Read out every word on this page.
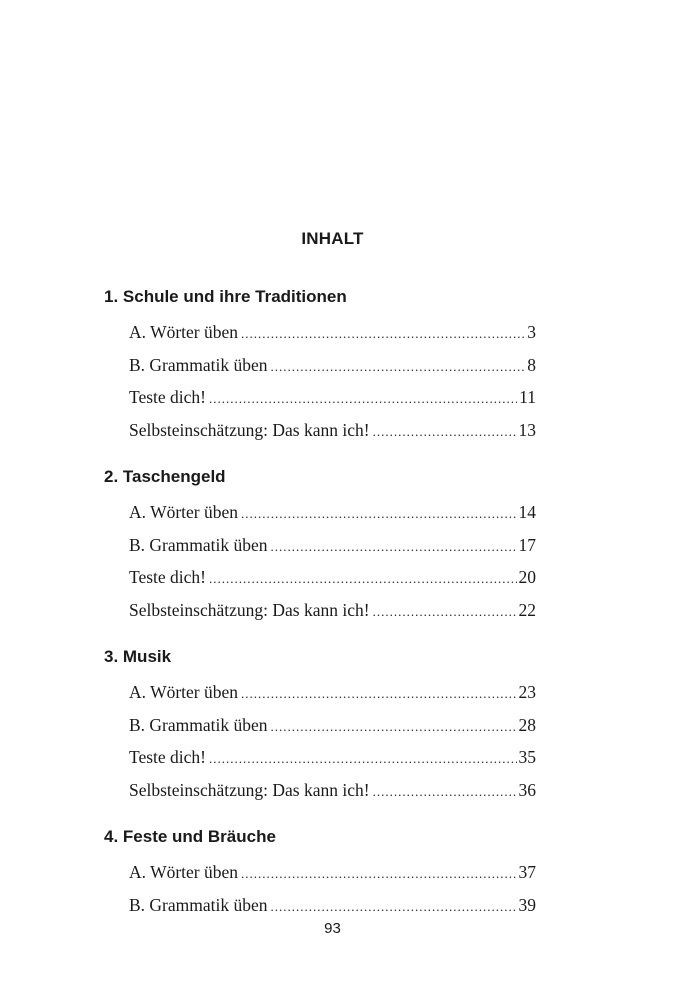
INHALT
1. Schule und ihre Traditionen
A. Wörter üben .....	3
B. Grammatik üben .....	8
Teste dich! .....	11
Selbsteinschätzung: Das kann ich! .....	13
2. Taschengeld
A. Wörter üben .....	14
B. Grammatik üben .....	17
Teste dich! .....	20
Selbsteinschätzung: Das kann ich! .....	22
3. Musik
A. Wörter üben .....	23
B. Grammatik üben .....	28
Teste dich! .....	35
Selbsteinschätzung: Das kann ich! .....	36
4. Feste und Bräuche
A. Wörter üben .....	37
B. Grammatik üben .....	39
93
